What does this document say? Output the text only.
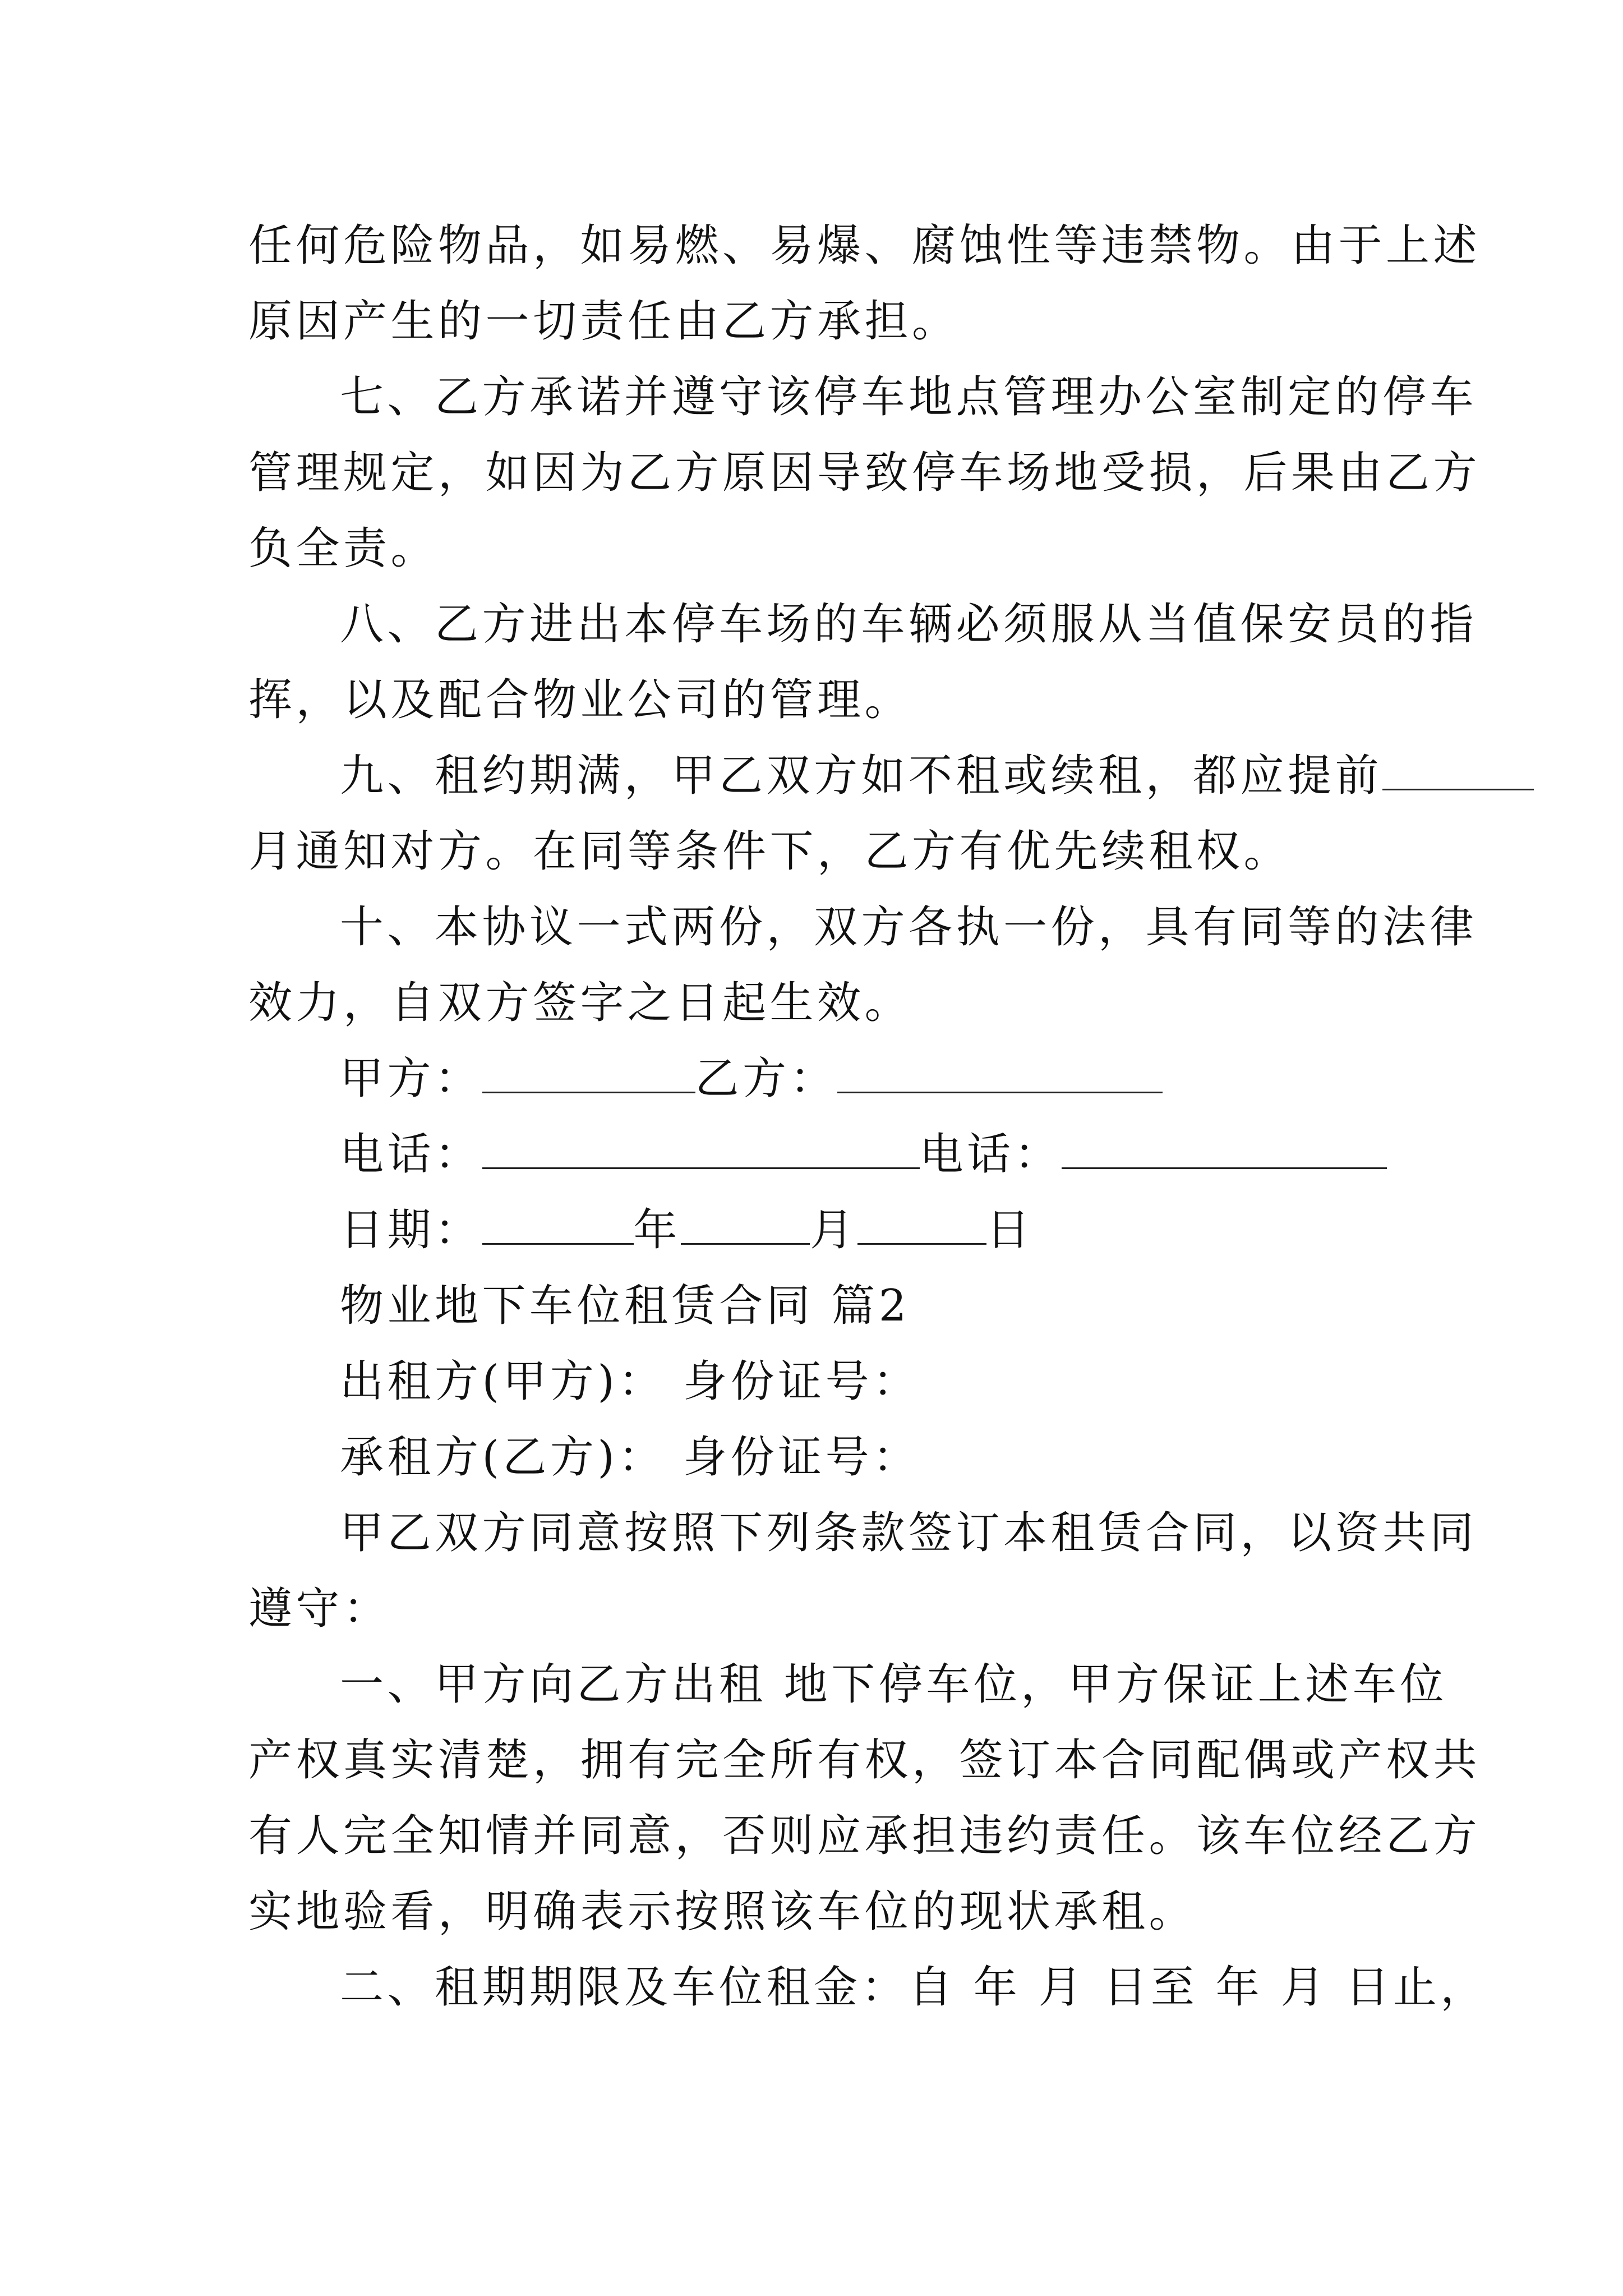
任何危险物品，如易燃、易爆、腐蚀性等违禁物。由于上述
原因产生的一切责任由乙方承担。
七、乙方承诺并遵守该停车地点管理办公室制定的停车
管理规定，如因为乙方原因导致停车场地受损，后果由乙方
负全责。
八、乙方进出本停车场的车辆必须服从当值保安员的指
挥，以及配合物业公司的管理。
九、租约期满，甲乙双方如不租或续租，都应提前
月通知对方。在同等条件下，乙方有优先续租权。
十、本协议一式两份，双方各执一份，具有同等的法律
效力，自双方签字之日起生效。
甲方：	乙方：
电话：	电话：
日期：	年	月	日
物业地下车位租赁合同 篇2
出租方(甲方)： 身份证号：
承租方(乙方)： 身份证号：
甲乙双方同意按照下列条款签订本租赁合同，以资共同
遵守：
一、甲方向乙方出租 地下停车位，甲方保证上述车位
产权真实清楚，拥有完全所有权，签订本合同配偶或产权共
有人完全知情并同意，否则应承担违约责任。该车位经乙方
实地验看，明确表示按照该车位的现状承租。
二、租期期限及车位租金：自 年 月 日至 年 月 日止，
